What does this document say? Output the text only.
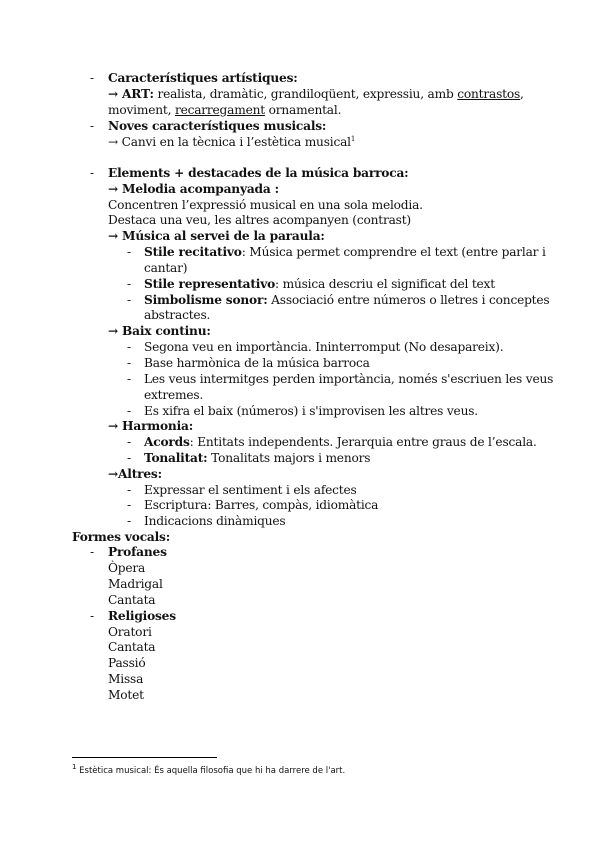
- Característiques artístiques:
→ ART: realista, dramàtic, grandiloqüent, expressiu, amb contrastos,
moviment, recarregament ornamental.
- Noves característiques musicals:
→ Canvi en la tècnica i l’estètica musical$^1$
- Elements + destacades de la música barroca:
→ Melodia acompanyada :
Concentren l’expressió musical en una sola melodia.
Destaca una veu, les altres acompanyen (contrast)
→ Música al servei de la paraula:
- Stile recitativo: Música permet comprendre el text (entre parlar i
cantar)
- Stile representativo: música descriu el significat del text
- Simbolisme sonor: Associació entre números o lletres i conceptes
abstractes.
→ Baix continu:
- Segona veu en importància. Ininterromput (No desapareix).
- Base harmònica de la música barroca
- Les veus intermitges perden importància, només s'escriuen les veus
extremes.
- Es xifra el baix (números) i s'improvisen les altres veus.
→ Harmonia:
- Acords: Entitats independents. Jerarquia entre graus de l’escala.
- Tonalitat: Tonalitats majors i menors
→Altres:
- Expressar el sentiment i els afectes
- Escriptura: Barres, compàs, idiomàtica
- Indicacions dinàmiques
Formes vocals:
- Profanes
Òpera
Madrigal
Cantata
- Religioses
Oratori
Cantata
Passió
Missa
Motet
$^1$ Estètica musical: És aquella filosofia que hi ha darrere de l'art.
